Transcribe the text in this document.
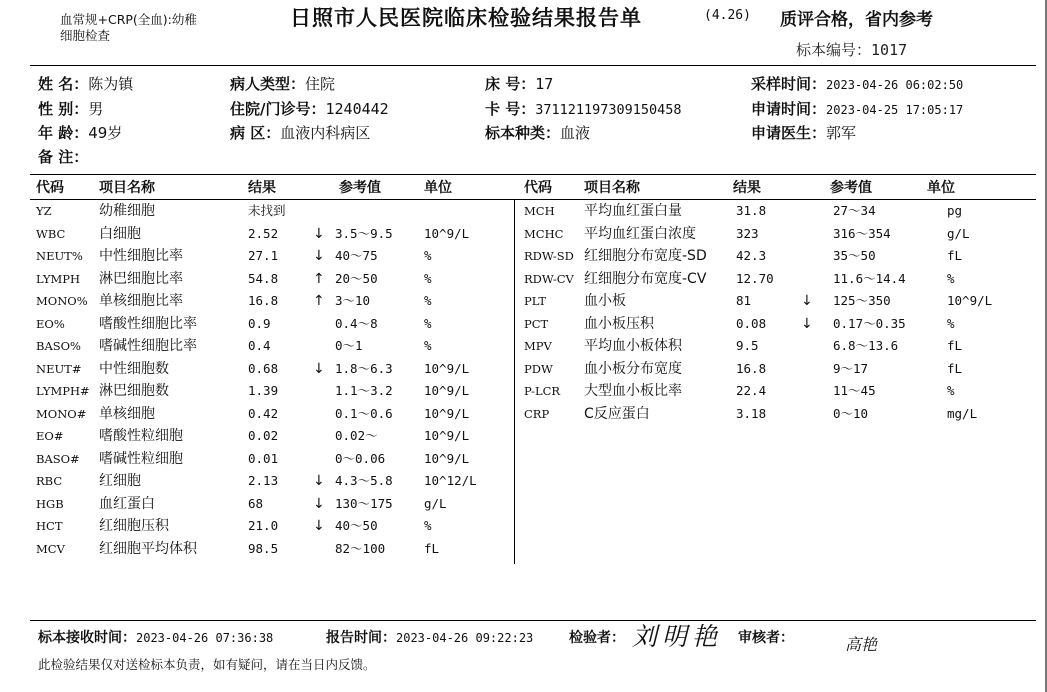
血常规+CRP(全血):幼稚
细胞检查
日照市人民医院临床检验结果报告单	(4.26) 质评合格，省内参考
标本编号：1017
姓 名：陈为镇
性 别：男
年 龄：49岁
备 注：
病人类型：住院
住院/门诊号：1240442
病 区：血液内科病区
床 号：17
卡 号：371121197309150458
标本种类：血液
采样时间：2023-04-26 06:02:50
申请时间：2023-04-25 17:05:17
申请医生：郭军
代码	项目名称	结果	参考值	单位	代码 项目名称	结果	参考值	单位
YZ	幼稚细胞	未找到
WBC 白细胞	2.52 ↓ 3.5～9.5	10^9/L
NEUT% 中性细胞比率	27.1 ↓ 40～75	%
LYMPH 淋巴细胞比率	54.8 ↑ 20～50	%
MONO% 单核细胞比率	16.8 ↑ 3～10	%
EO% 嗜酸性细胞比率	0.9	0.4～8	%
BASO% 嗜碱性细胞比率	0.4	0～1	%
NEUT# 中性细胞数	0.68 ↓ 1.8～6.3	10^9/L
LYMPH# 淋巴细胞数	1.39	1.1～3.2	10^9/L
MONO# 单核细胞	0.42	0.1～0.6	10^9/L
EO#	嗜酸性粒细胞	0.02	0.02～	10^9/L
BASO# 嗜碱性粒细胞	0.01	0～0.06	10^9/L
RBC	红细胞	2.13 ↓ 4.3～5.8	10^12/L
HGB	血红蛋白	68	↓ 130～175	g/L
HCT	红细胞压积	21.0 ↓ 40～50	%
MCV 红细胞平均体积	98.5	82～100	fL
MCH 平均血红蛋白量	31.8	27～34	pg
MCHC 平均血红蛋白浓度	323	316～354	g/L
RDW-SD 红细胞分布宽度-SD 42.3	35～50	fL
RDW-CV 红细胞分布宽度-CV 12.70	11.6～14.4	%
PLT	血小板	81	↓ 125～350	10^9/L
PCT	血小板压积	0.08 ↓ 0.17～0.35	%
MPV 平均血小板体积	9.5	6.8～13.6	fL
PDW 血小板分布宽度	16.8	9～17	fL
P-LCR 大型血小板比率	22.4	11～45	%
CRP C反应蛋白	3.18	0～10	mg/L
标本接收时间：2023-04-26 07:36:38	报告时间：2023-04-26 09:22:23	检验者： 刘明艳 审核者：	高艳
此检验结果仅对送检标本负责，如有疑问，请在当日内反馈。
